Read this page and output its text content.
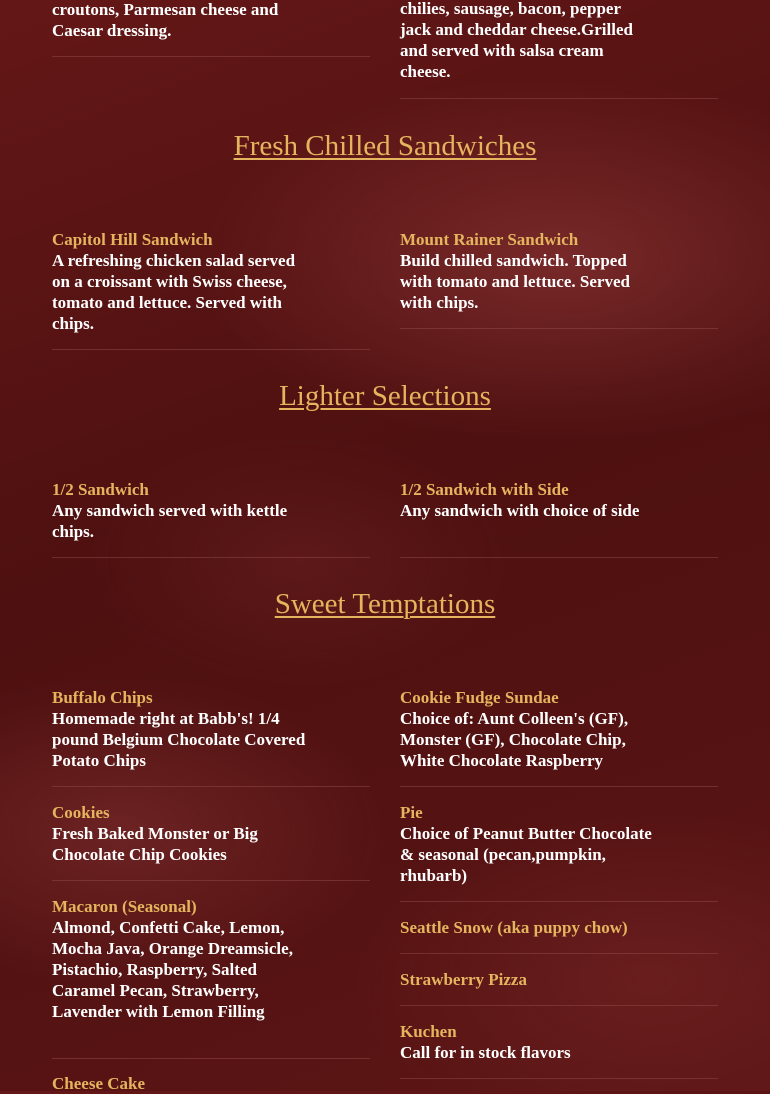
croutons, Parmesan cheese and Caesar dressing.
chilies, sausage, bacon, pepper jack and cheddar cheese.Grilled and served with salsa cream cheese.
Fresh Chilled Sandwiches
Capitol Hill Sandwich
A refreshing chicken salad served on a croissant with Swiss cheese, tomato and lettuce. Served with chips.
Mount Rainer Sandwich
Build chilled sandwich. Topped with tomato and lettuce. Served with chips.
Lighter Selections
1/2 Sandwich
Any sandwich served with kettle chips.
1/2 Sandwich with Side
Any sandwich with choice of side
Sweet Temptations
Buffalo Chips
Homemade right at Babb's! 1/4 pound Belgium Chocolate Covered Potato Chips
Cookie Fudge Sundae
Choice of: Aunt Colleen's (GF), Monster (GF), Chocolate Chip, White Chocolate Raspberry
Cookies
Fresh Baked Monster or Big Chocolate Chip Cookies
Pie
Choice of Peanut Butter Chocolate & seasonal (pecan,pumpkin, rhubarb)
Macaron (Seasonal)
Almond, Confetti Cake, Lemon, Mocha Java, Orange Dreamsicle, Pistachio, Raspberry, Salted Caramel Pecan, Strawberry, Lavender with Lemon Filling
Seattle Snow (aka puppy chow)
Strawberry Pizza
Kuchen
Call for in stock flavors
Cheese Cake
